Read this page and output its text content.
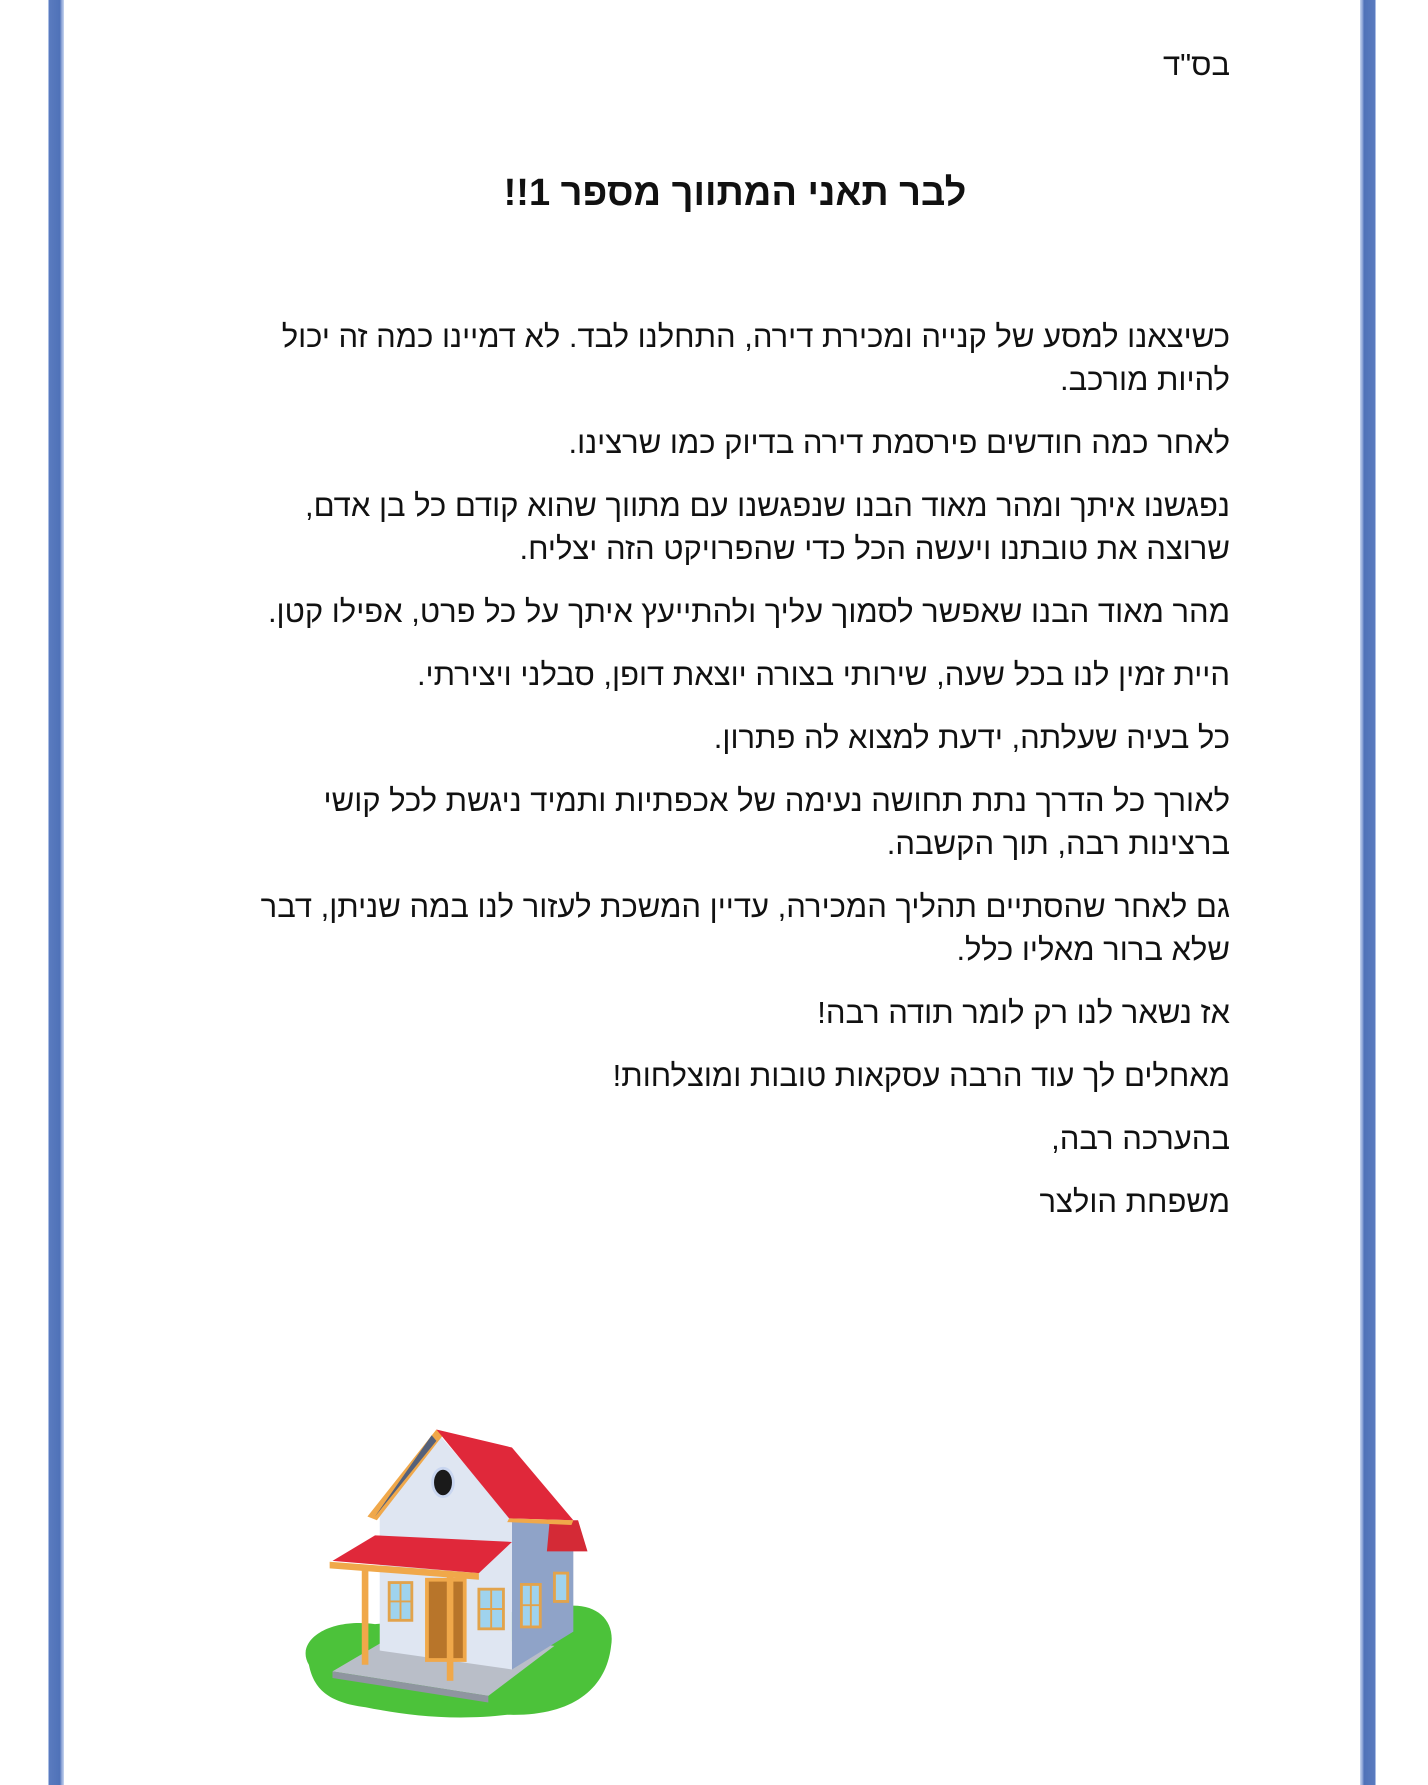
בס"ד
לבר תאני המתווך מספר 1!!

כשיצאנו למסע של קנייה ומכירת דירה, התחלנו לבד. לא דמיינו כמה זה יכול להיות מורכב.

לאחר כמה חודשים פירסמת דירה בדיוק כמו שרצינו.

נפגשנו איתך ומהר מאוד הבנו שנפגשנו עם מתווך שהוא קודם כל בן אדם, שרוצה את טובתנו ויעשה הכל כדי שהפרויקט הזה יצליח.

מהר מאוד הבנו שאפשר לסמוך עליך ולהתייעץ איתך על כל פרט, אפילו קטן.

היית זמין לנו בכל שעה, שירותי בצורה יוצאת דופן, סבלני ויצירתי.

כל בעיה שעלתה, ידעת למצוא לה פתרון.

לאורך כל הדרך נתת תחושה נעימה של אכפתיות ותמיד ניגשת לכל קושי ברצינות רבה, תוך הקשבה.

גם לאחר שהסתיים תהליך המכירה, עדיין המשכת לעזור לנו במה שניתן, דבר שלא ברור מאליו כלל.

אז נשאר לנו רק לומר תודה רבה!

מאחלים לך עוד הרבה עסקאות טובות ומוצלחות!

בהערכה רבה,

משפחת הולצר
